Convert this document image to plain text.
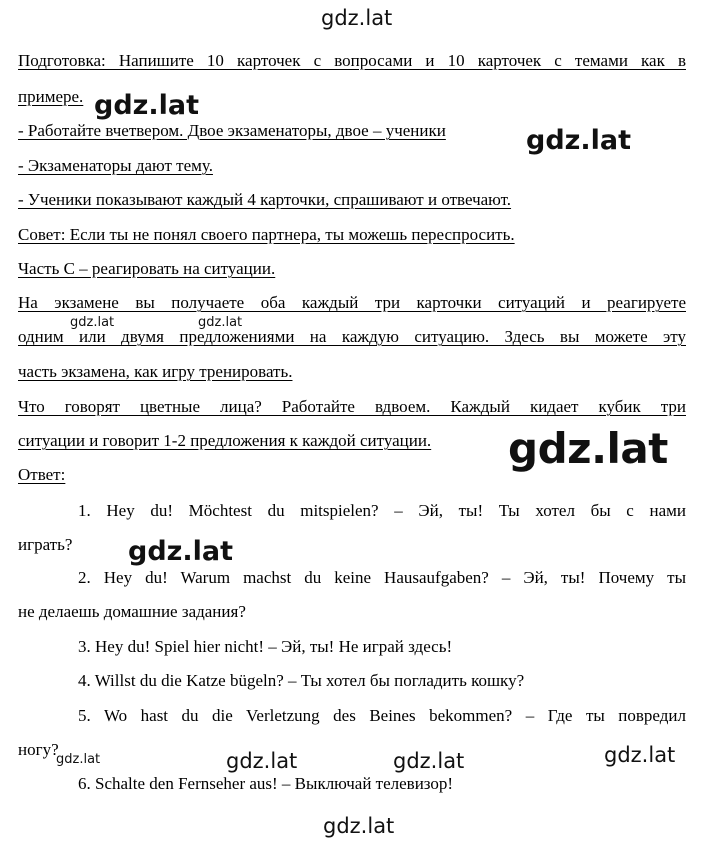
gdz.lat
gdz.lat
gdz.lat
gdz.lat	gdz.lat
gdz.lat
gdz.lat
gdz.lat	gdz.lat	gdz.lat	gdz.lat
gdz.lat
Подготовка: Напишите 10 карточек с вопросами и 10 карточек с темами как в
примере.
- Работайте вчетвером. Двое экзаменаторы, двое – ученики
- Экзаменаторы дают тему.
- Ученики показывают каждый 4 карточки, спрашивают и отвечают.
Совет: Если ты не понял своего партнера, ты можешь переспросить.
Часть С – реагировать на ситуации.
На экзамене вы получаете оба каждый три карточки ситуаций и реагируете
одним или двумя предложениями на каждую ситуацию. Здесь вы можете эту
часть экзамена, как игру тренировать.
Что говорят цветные лица? Работайте вдвоем. Каждый кидает кубик три
ситуации и говорит 1-2 предложения к каждой ситуации.
Ответ:
1. Hey du! Möchtest du mitspielen? – Эй, ты! Ты хотел бы с нами
играть?
2. Hey du! Warum machst du keine Hausaufgaben? – Эй, ты! Почему ты
не делаешь домашние задания?
3. Hey du! Spiel hier nicht! – Эй, ты! Не играй здесь!
4. Willst du die Katze bügeln? – Ты хотел бы погладить кошку?
5. Wo hast du die Verletzung des Beines bekommen? – Где ты повредил
ногу?
6. Schalte den Fernseher aus! – Выключай телевизор!
